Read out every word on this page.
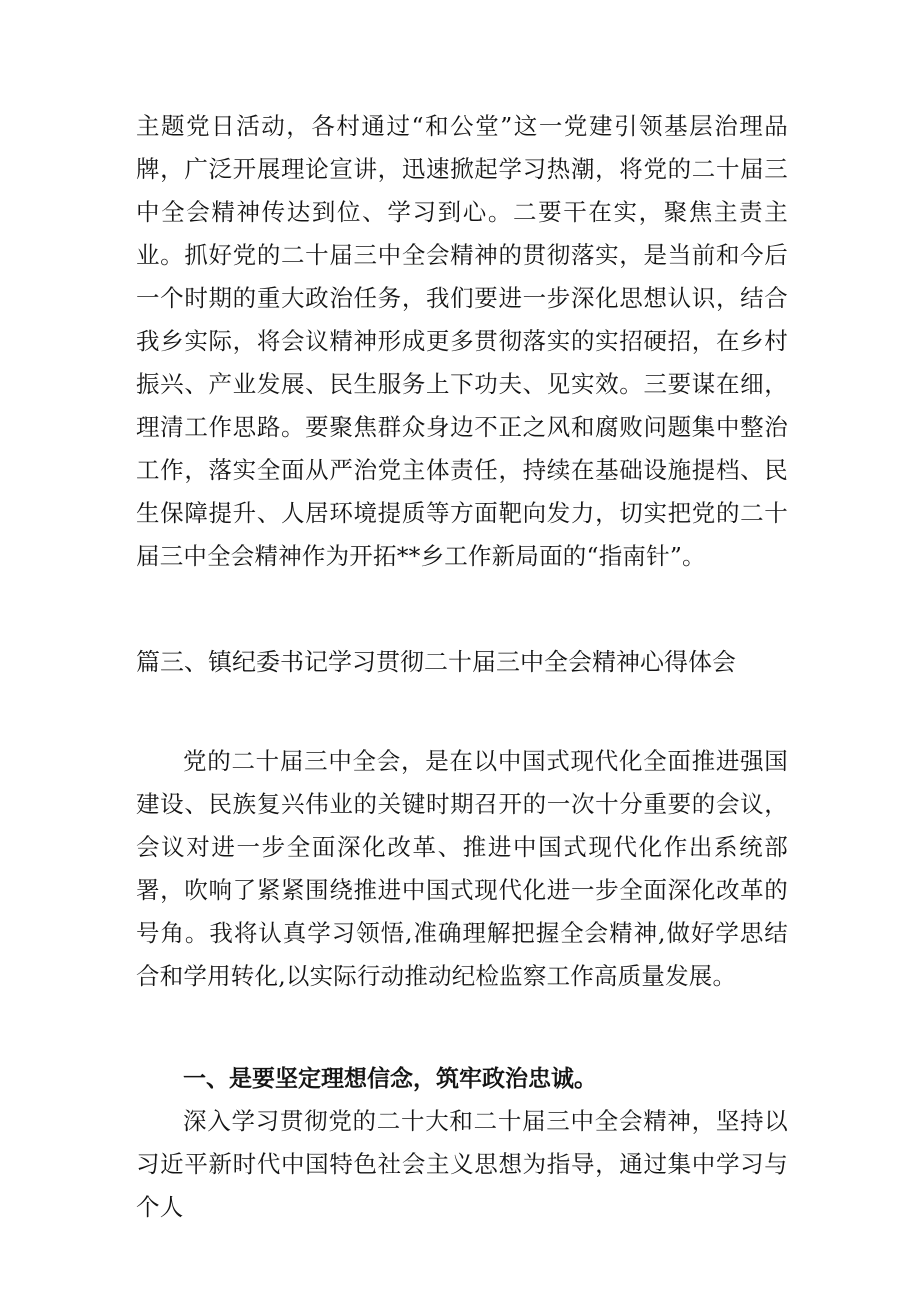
主题党日活动，各村通过“和公堂”这一党建引领基层治理品牌，广泛开展理论宣讲，迅速掀起学习热潮，将党的二十届三中全会精神传达到位、学习到心。二要干在实，聚焦主责主业。抓好党的二十届三中全会精神的贯彻落实，是当前和今后一个时期的重大政治任务，我们要进一步深化思想认识，结合我乡实际，将会议精神形成更多贯彻落实的实招硬招，在乡村振兴、产业发展、民生服务上下功夫、见实效。三要谋在细，理清工作思路。要聚焦群众身边不正之风和腐败问题集中整治工作，落实全面从严治党主体责任，持续在基础设施提档、民生保障提升、人居环境提质等方面靶向发力，切实把党的二十届三中全会精神作为开拓**乡工作新局面的“指南针”。

篇三、镇纪委书记学习贯彻二十届三中全会精神心得体会

党的二十届三中全会，是在以中国式现代化全面推进强国建设、民族复兴伟业的关键时期召开的一次十分重要的会议，会议对进一步全面深化改革、推进中国式现代化作出系统部署，吹响了紧紧围绕推进中国式现代化进一步全面深化改革的号角。我将认真学习领悟,准确理解把握全会精神,做好学思结合和学用转化,以实际行动推动纪检监察工作高质量发展。

一、是要坚定理想信念，筑牢政治忠诚。

深入学习贯彻党的二十大和二十届三中全会精神，坚持以习近平新时代中国特色社会主义思想为指导，通过集中学习与个人
